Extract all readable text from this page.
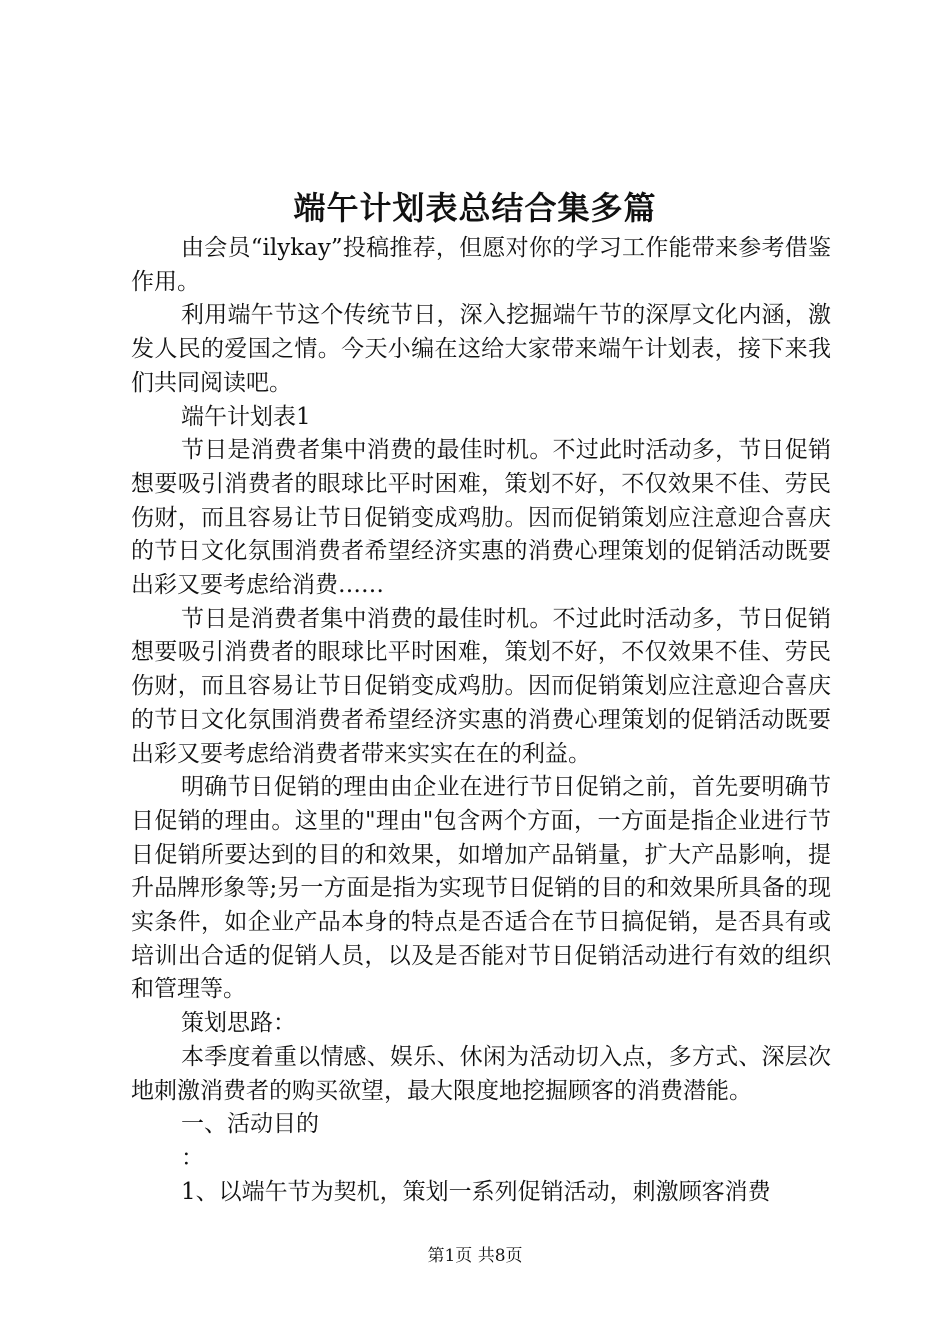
端午计划表总结合集多篇

由会员“ilykay”投稿推荐，但愿对你的学习工作能带来参考借鉴作用。

利用端午节这个传统节日，深入挖掘端午节的深厚文化内涵，激发人民的爱国之情。今天小编在这给大家带来端午计划表，接下来我们共同阅读吧。

端午计划表1

节日是消费者集中消费的最佳时机。不过此时活动多，节日促销想要吸引消费者的眼球比平时困难，策划不好，不仅效果不佳、劳民伤财，而且容易让节日促销变成鸡肋。因而促销策划应注意迎合喜庆的节日文化氛围消费者希望经济实惠的消费心理策划的促销活动既要出彩又要考虑给消费……

节日是消费者集中消费的最佳时机。不过此时活动多，节日促销想要吸引消费者的眼球比平时困难，策划不好，不仅效果不佳、劳民伤财，而且容易让节日促销变成鸡肋。因而促销策划应注意迎合喜庆的节日文化氛围消费者希望经济实惠的消费心理策划的促销活动既要出彩又要考虑给消费者带来实实在在的利益。

明确节日促销的理由由企业在进行节日促销之前，首先要明确节日促销的理由。这里的"理由"包含两个方面，一方面是指企业进行节日促销所要达到的目的和效果，如增加产品销量，扩大产品影响，提升品牌形象等;另一方面是指为实现节日促销的目的和效果所具备的现实条件，如企业产品本身的特点是否适合在节日搞促销，是否具有或培训出合适的促销人员，以及是否能对节日促销活动进行有效的组织和管理等。

策划思路：

本季度着重以情感、娱乐、休闲为活动切入点，多方式、深层次地刺激消费者的购买欲望，最大限度地挖掘顾客的消费潜能。

一、活动目的

：

1、以端午节为契机，策划一系列促销活动，刺激顾客消费

第1页 共8页
